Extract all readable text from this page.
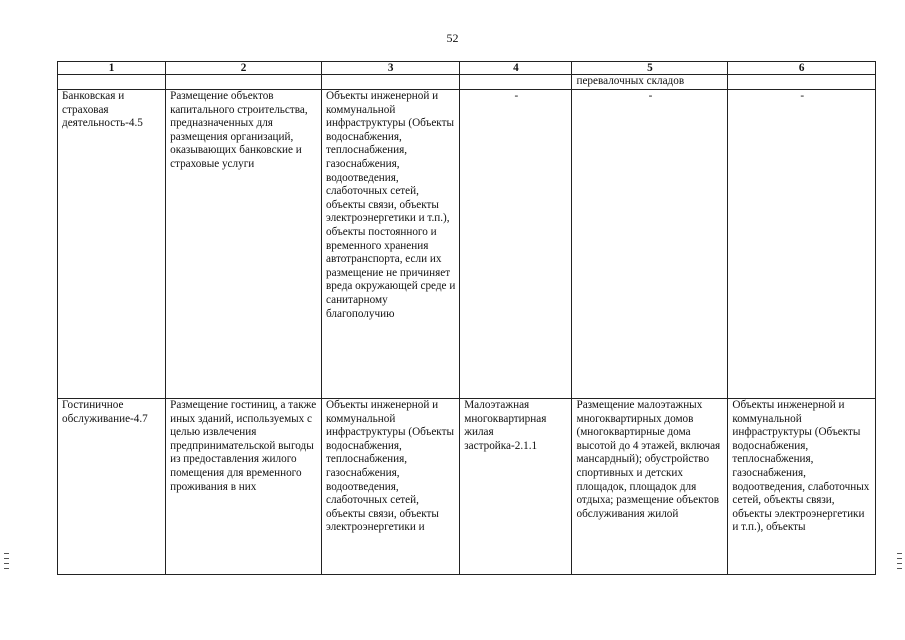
52
1	2	3	4	5	6
				перевалочных складов	
Банковская и страховая деятельность-4.5	Размещение объектов капитального строительства, предназначенных для размещения организаций, оказывающих банковские и страховые услуги	Объекты инженерной и коммунальной инфраструктуры (Объекты водоснабжения, теплоснабжения, газоснабжения, водоотведения, слаботочных сетей, объекты связи, объекты электроэнергетики и т.п.), объекты постоянного и временного хранения автотранспорта, если их размещение не причиняет вреда окружающей среде и санитарному благополучию	-	-	-
Гостиничное обслуживание-4.7	Размещение гостиниц, а также иных зданий, используемых с целью извлечения предпринимательской выгоды из предоставления жилого помещения для временного проживания в них	Объекты инженерной и коммунальной инфраструктуры (Объекты водоснабжения, теплоснабжения, газоснабжения, водоотведения, слаботочных сетей, объекты связи, объекты электроэнергетики и	Малоэтажная многоквартирная жилая застройка-2.1.1	Размещение малоэтажных многоквартирных домов (многоквартирные дома высотой до 4 этажей, включая мансардный); обустройство спортивных и детских площадок, площадок для отдыха; размещение объектов обслуживания жилой	Объекты инженерной и коммунальной инфраструктуры (Объекты водоснабжения, теплоснабжения, газоснабжения, водоотведения, слаботочных сетей, объекты связи, объекты электроэнергетики и т.п.), объекты
